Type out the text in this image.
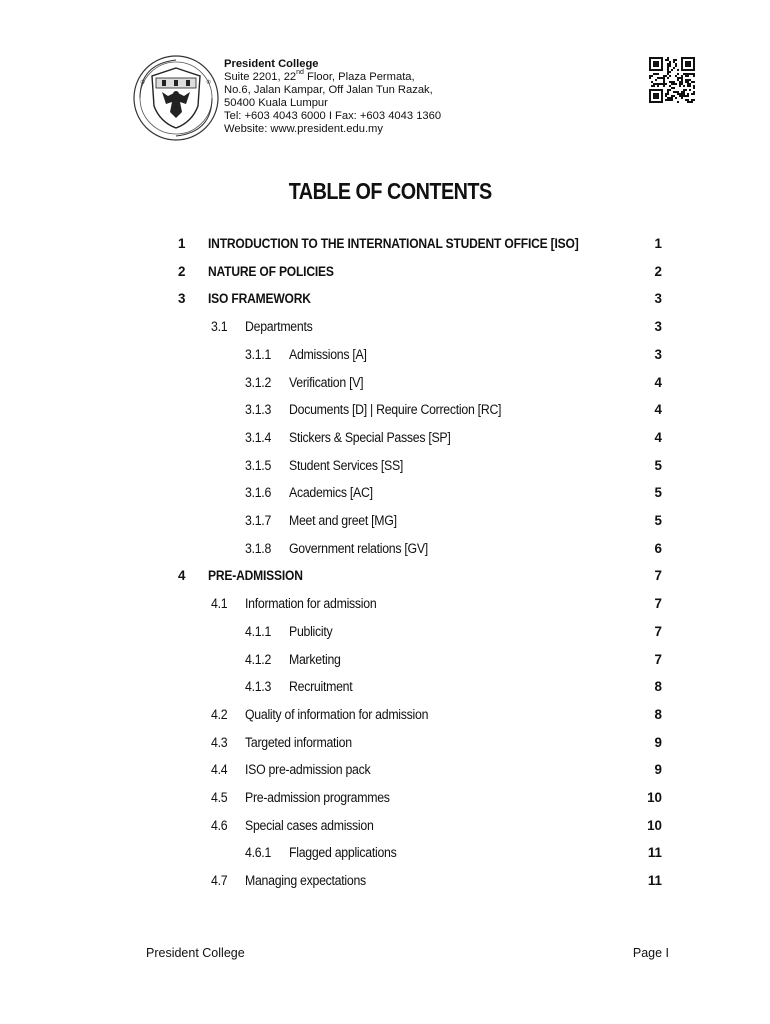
♔	♔
President College
Suite 2201, 22nd Floor, Plaza Permata,
No.6, Jalan Kampar, Off Jalan Tun Razak,
50400 Kuala Lumpur
Tel: +603 4043 6000 I Fax: +603 4043 1360
Website: www.president.edu.my
TABLE OF CONTENTS
1 INTRODUCTION TO THE INTERNATIONAL STUDENT OFFICE [ISO]	1
2 NATURE OF POLICIES	2
3 ISO FRAMEWORK	3
3.1 Departments	3
3.1.1 Admissions [A]	3
3.1.2 Verification [V]	4
3.1.3 Documents [D] | Require Correction [RC]	4
3.1.4 Stickers & Special Passes [SP]	4
3.1.5 Student Services [SS]	5
3.1.6 Academics [AC]	5
3.1.7 Meet and greet [MG]	5
3.1.8 Government relations [GV]	6
4 PRE-ADMISSION	7
4.1 Information for admission	7
4.1.1 Publicity	7
4.1.2 Marketing	7
4.1.3 Recruitment	8
4.2 Quality of information for admission	8
4.3 Targeted information	9
4.4 ISO pre-admission pack	9
4.5 Pre-admission programmes	10
4.6 Special cases admission	10
4.6.1 Flagged applications	11
4.7 Managing expectations	11
President College	Page I
